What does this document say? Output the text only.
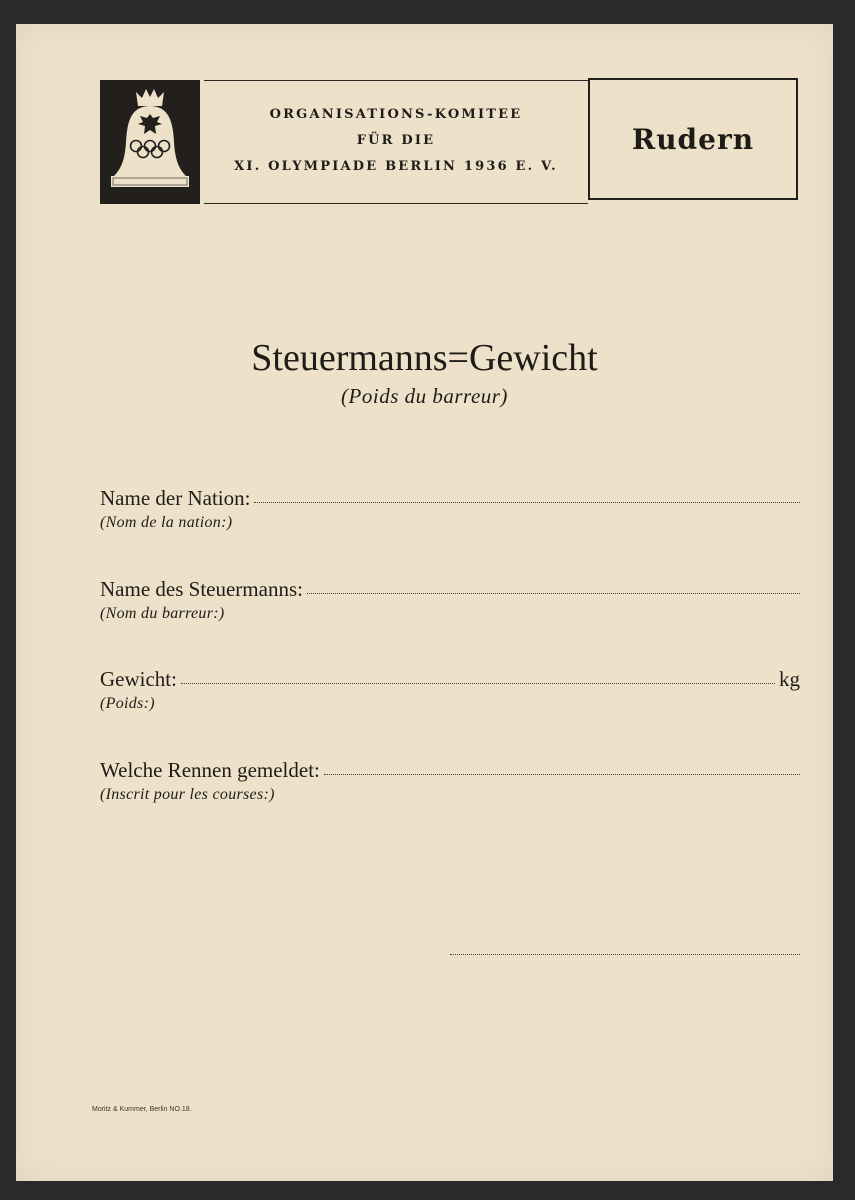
ORGANISATIONS-KOMITEE
FÜR DIE
XI. OLYMPIADE BERLIN 1936 E. V.
Rudern
Steuermanns=Gewicht
(Poids du barreur)
Name der Nation:
(Nom de la nation:)
Name des Steuermanns:
(Nom du barreur:)
Gewicht:	kg
(Poids:)
Welche Rennen gemeldet:
(Inscrit pour les courses:)
Moritz & Kummer, Berlin NO.18.
